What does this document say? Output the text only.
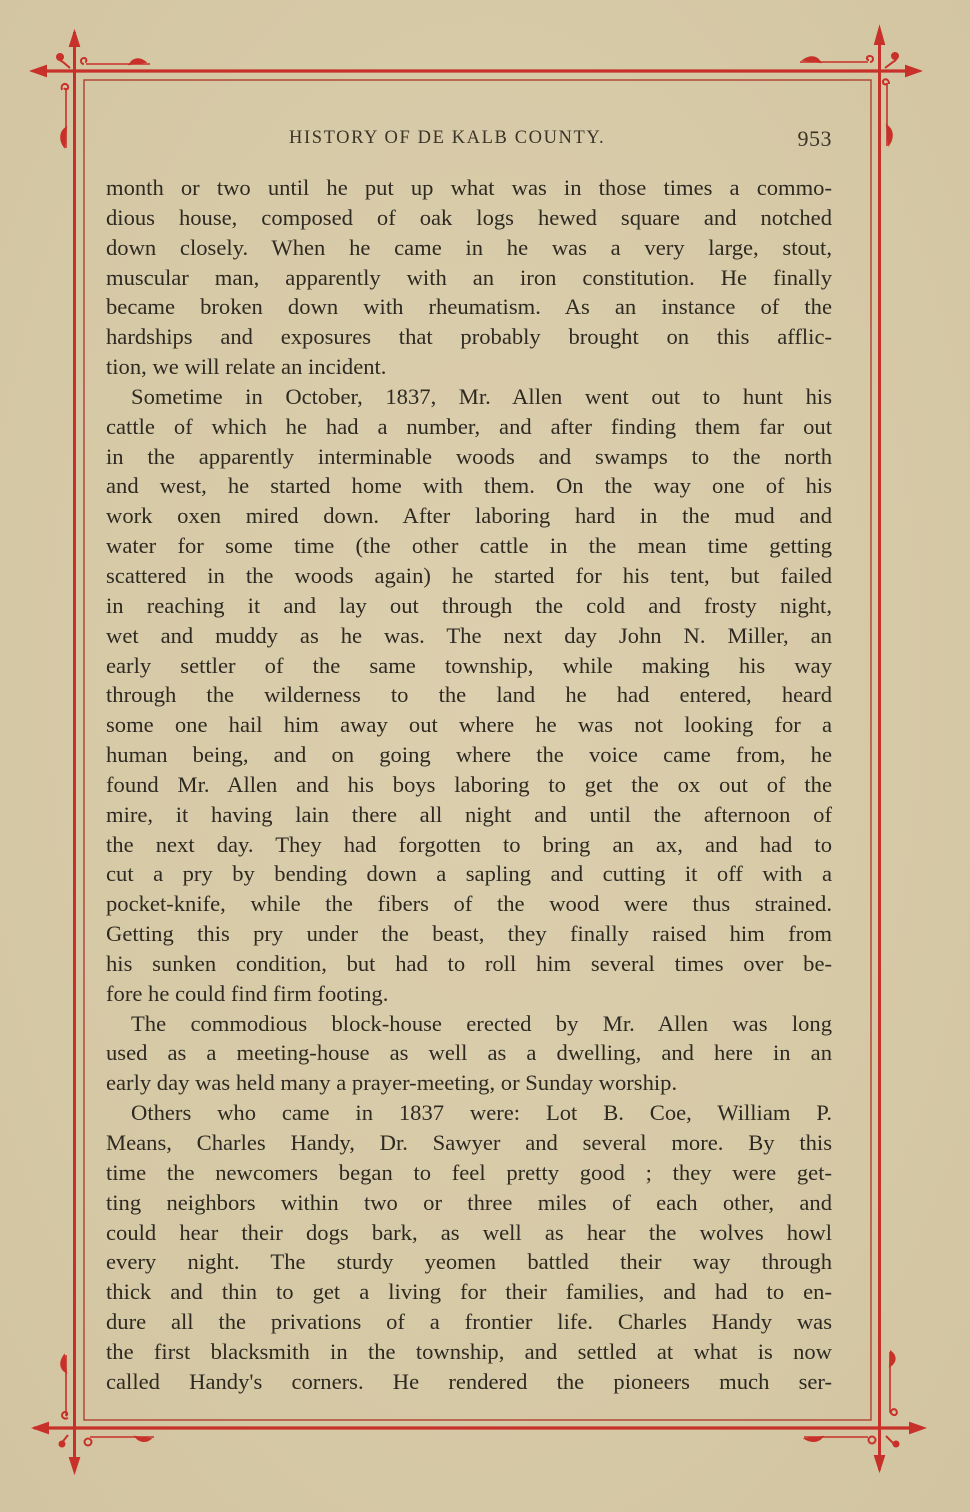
HISTORY OF DE KALB COUNTY.	953
month or two until he put up what was in those times a commo-
dious house, composed of oak logs hewed square and notched
down closely. When he came in he was a very large, stout,
muscular man, apparently with an iron constitution. He finally
became broken down with rheumatism. As an instance of the
hardships and exposures that probably brought on this afflic-
tion, we will relate an incident.
Sometime in October, 1837, Mr. Allen went out to hunt his
cattle of which he had a number, and after finding them far out
in the apparently interminable woods and swamps to the north
and west, he started home with them. On the way one of his
work oxen mired down. After laboring hard in the mud and
water for some time (the other cattle in the mean time getting
scattered in the woods again) he started for his tent, but failed
in reaching it and lay out through the cold and frosty night,
wet and muddy as he was. The next day John N. Miller, an
early settler of the same township, while making his way
through the wilderness to the land he had entered, heard
some one hail him away out where he was not looking for a
human being, and on going where the voice came from, he
found Mr. Allen and his boys laboring to get the ox out of the
mire, it having lain there all night and until the afternoon of
the next day. They had forgotten to bring an ax, and had to
cut a pry by bending down a sapling and cutting it off with a
pocket-knife, while the fibers of the wood were thus strained.
Getting this pry under the beast, they finally raised him from
his sunken condition, but had to roll him several times over be-
fore he could find firm footing.
The commodious block-house erected by Mr. Allen was long
used as a meeting-house as well as a dwelling, and here in an
early day was held many a prayer-meeting, or Sunday worship.
Others who came in 1837 were: Lot B. Coe, William P.
Means, Charles Handy, Dr. Sawyer and several more. By this
time the newcomers began to feel pretty good ; they were get-
ting neighbors within two or three miles of each other, and
could hear their dogs bark, as well as hear the wolves howl
every night. The sturdy yeomen battled their way through
thick and thin to get a living for their families, and had to en-
dure all the privations of a frontier life. Charles Handy was
the first blacksmith in the township, and settled at what is now
called Handy's corners. He rendered the pioneers much ser-
